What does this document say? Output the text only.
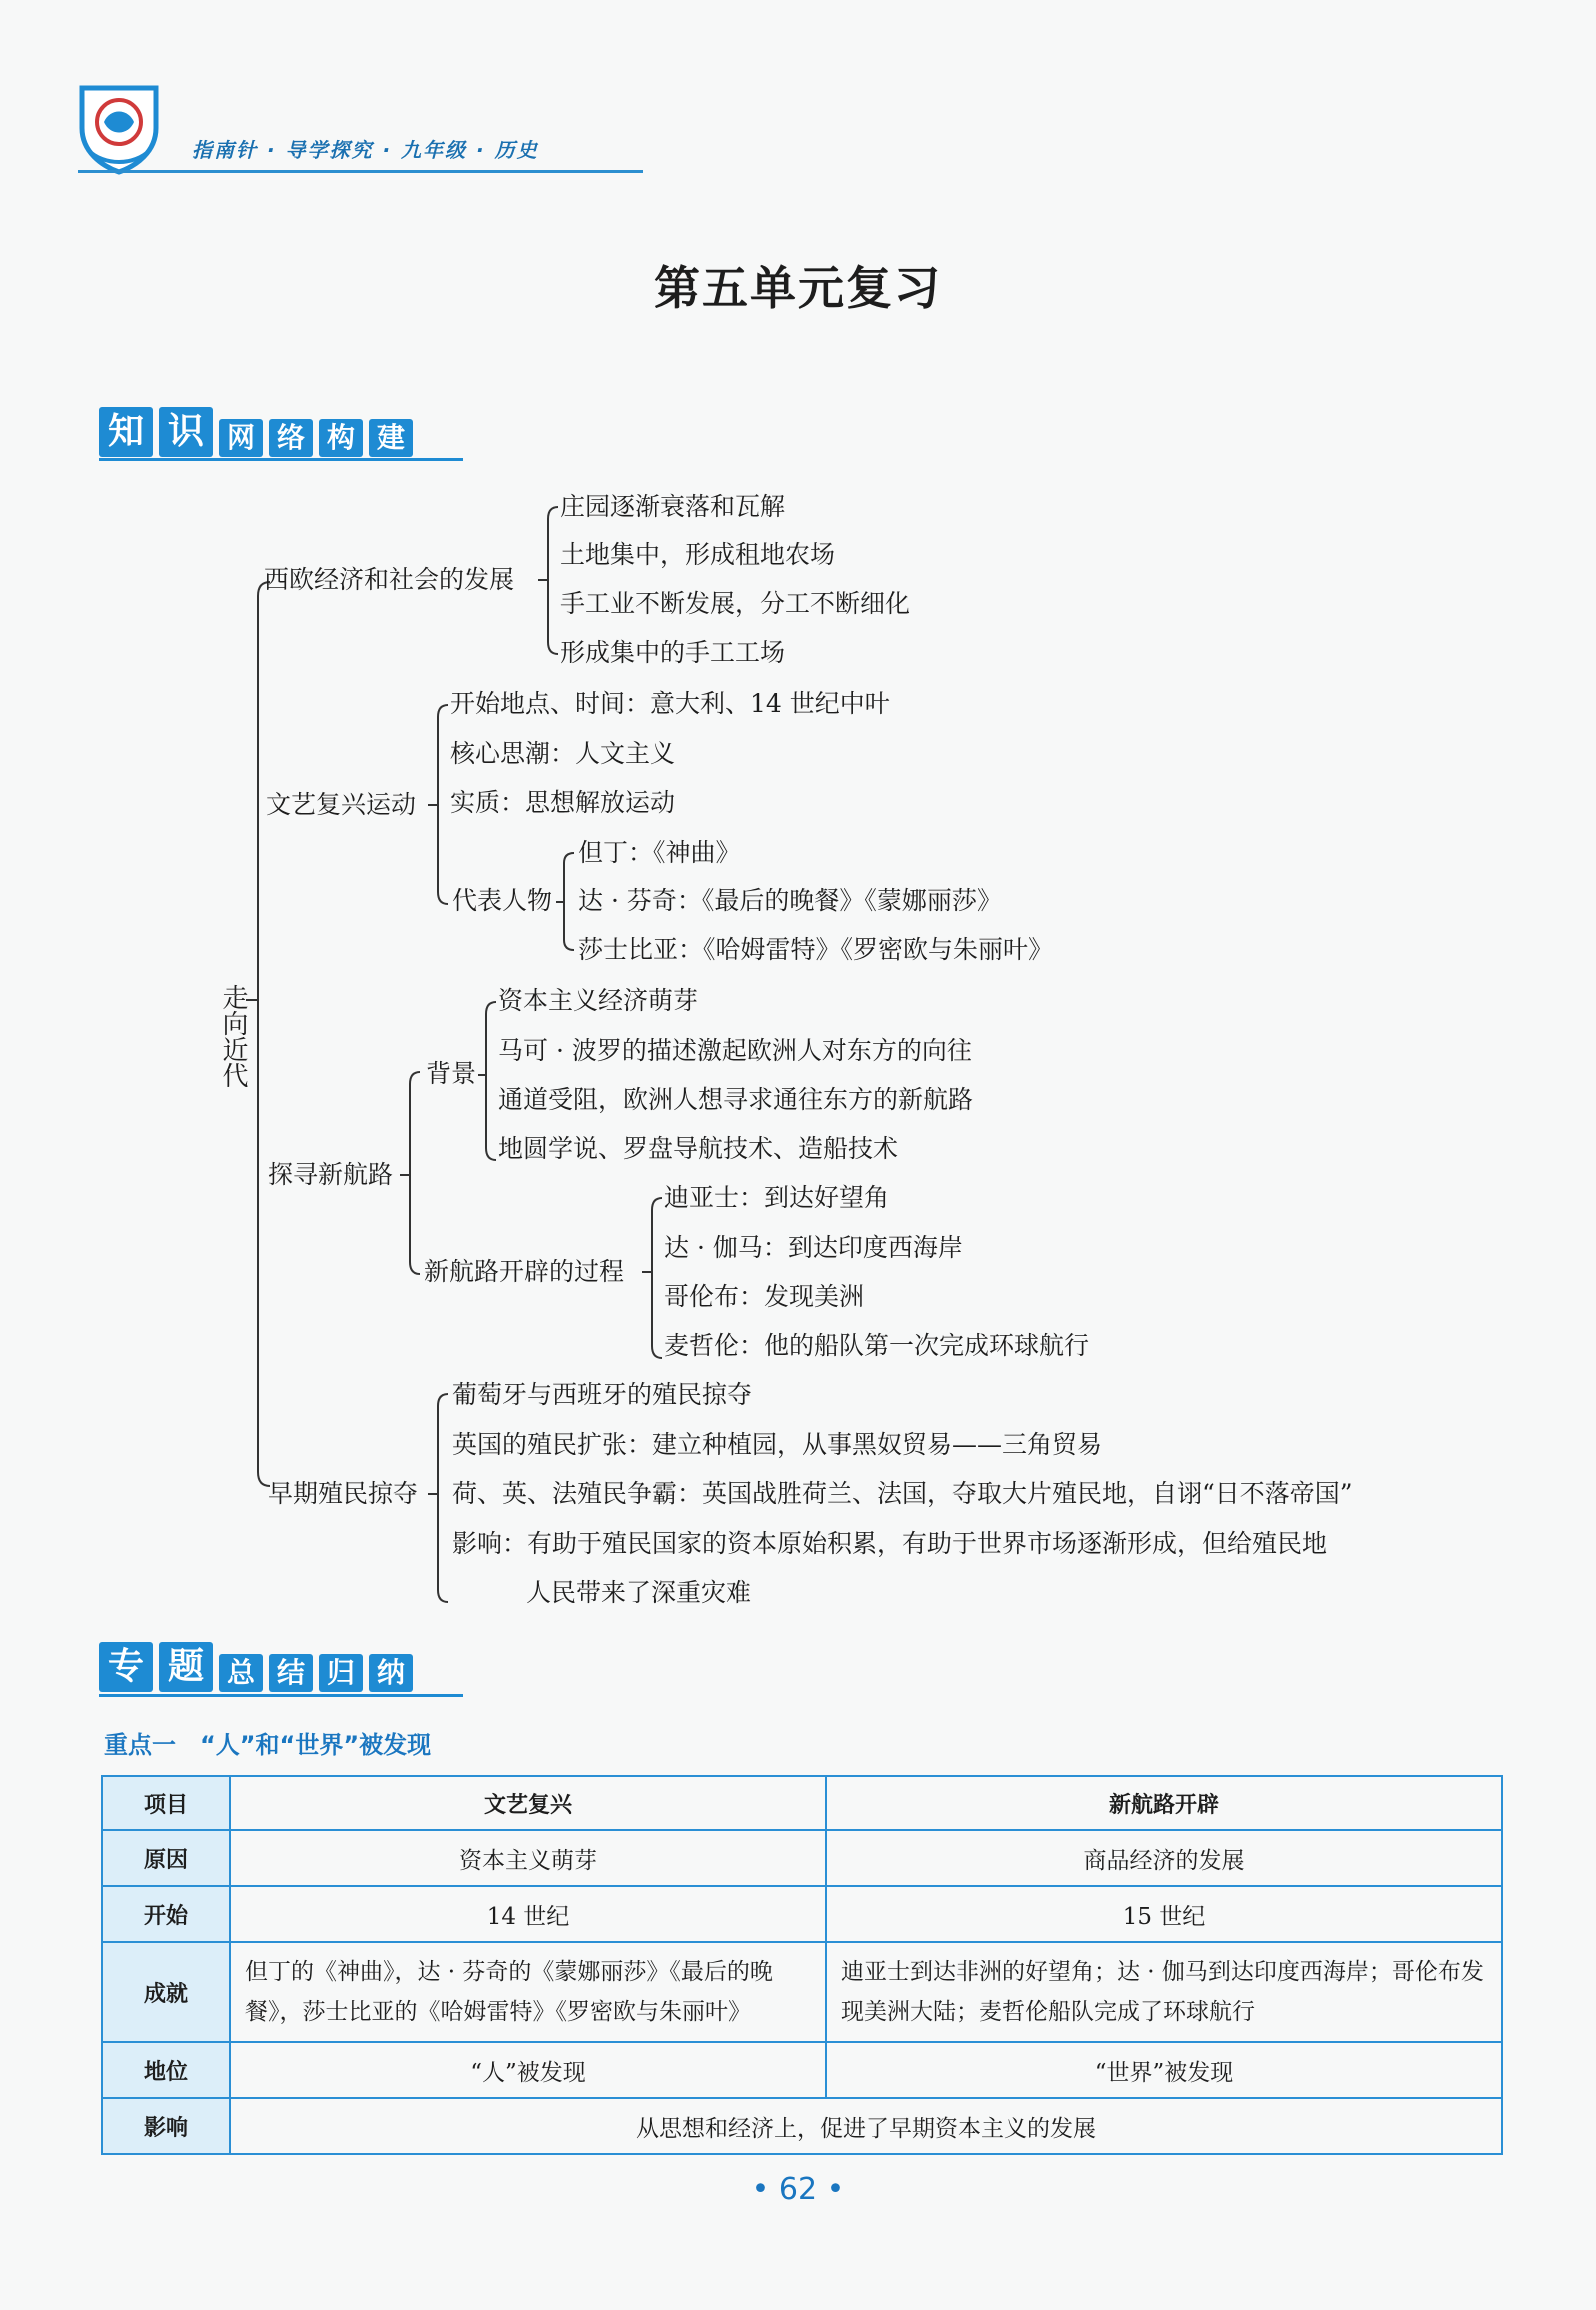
指南针 · 导学探究 · 九年级 · 历史
第五单元复习
知 识 网 络 构 建
走向近代
西欧经济和社会的发展
庄园逐渐衰落和瓦解
土地集中，形成租地农场
手工业不断发展，分工不断细化
形成集中的手工工场
文艺复兴运动
开始地点、时间：意大利、14 世纪中叶
核心思潮：人文主义
实质：思想解放运动
代表人物
但丁：《神曲》
达 · 芬奇：《最后的晚餐》《蒙娜丽莎》
莎士比亚：《哈姆雷特》《罗密欧与朱丽叶》
探寻新航路
背景
资本主义经济萌芽
马可 · 波罗的描述激起欧洲人对东方的向往
通道受阻，欧洲人想寻求通往东方的新航路
地圆学说、罗盘导航技术、造船技术
新航路开辟的过程
迪亚士：到达好望角
达 · 伽马：到达印度西海岸
哥伦布：发现美洲
麦哲伦：他的船队第一次完成环球航行
早期殖民掠夺
葡萄牙与西班牙的殖民掠夺
英国的殖民扩张：建立种植园，从事黑奴贸易——三角贸易
荷、英、法殖民争霸：英国战胜荷兰、法国，夺取大片殖民地，自诩“日不落帝国”
影响：有助于殖民国家的资本原始积累，有助于世界市场逐渐形成，但给殖民地
人民带来了深重灾难
专 题 总 结 归 纳
重点一　“人”和“世界”被发现
项目	文艺复兴	新航路开辟
原因	资本主义萌芽	商品经济的发展
开始	14 世纪	15 世纪
成就	但丁的《神曲》，达 · 芬奇的《蒙娜丽莎》《最后的晚餐》，莎士比亚的《哈姆雷特》《罗密欧与朱丽叶》	迪亚士到达非洲的好望角；达 · 伽马到达印度西海岸；哥伦布发现美洲大陆；麦哲伦船队完成了环球航行
地位	“人”被发现	“世界”被发现
影响	从思想和经济上，促进了早期资本主义的发展	
• 62 •
